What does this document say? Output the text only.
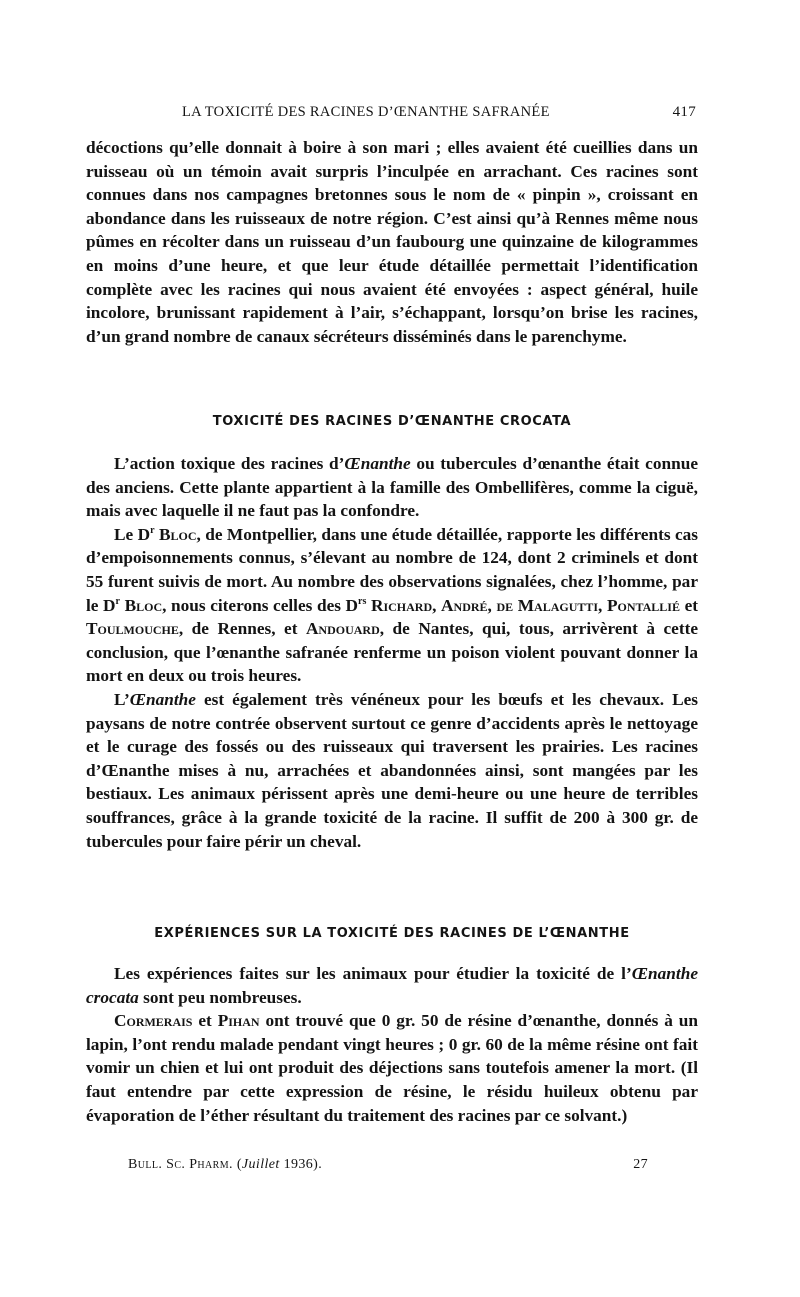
LA TOXICITÉ DES RACINES D’ŒNANTHE SAFRANÉE	417

décoctions qu’elle donnait à boire à son mari ; elles avaient été cueillies dans un ruisseau où un témoin avait surpris l’inculpée en arrachant. Ces racines sont connues dans nos campagnes bretonnes sous le nom de « pinpin », croissant en abondance dans les ruisseaux de notre région. C’est ainsi qu’à Rennes même nous pûmes en récolter dans un ruisseau d’un faubourg une quinzaine de kilogrammes en moins d’une heure, et que leur étude détaillée permettait l’identification complète avec les racines qui nous avaient été envoyées : aspect général, huile incolore, brunissant rapidement à l’air, s’échappant, lorsqu’on brise les racines, d’un grand nombre de canaux sécréteurs disséminés dans le parenchyme.

TOXICITÉ DES RACINES D’ŒNANTHE CROCATA

L’action toxique des racines d’Œnanthe ou tubercules d’œnanthe était connue des anciens. Cette plante appartient à la famille des Ombellifères, comme la ciguë, mais avec laquelle il ne faut pas la confondre.

Le $D^r$ Bloc, de Montpellier, dans une étude détaillée, rapporte les différents cas d’empoisonnements connus, s’élevant au nombre de 124, dont 2 criminels et dont 55 furent suivis de mort. Au nombre des observations signalées, chez l’homme, par le $D^r$ Bloc, nous citerons celles des $D^{rs}$ Richard, André, de Malagutti, Pontallié et Toulmouche, de Rennes, et Andouard, de Nantes, qui, tous, arrivèrent à cette conclusion, que l’œnanthe safranée renferme un poison violent pouvant donner la mort en deux ou trois heures.

L’Œnanthe est également très vénéneux pour les bœufs et les chevaux. Les paysans de notre contrée observent surtout ce genre d’accidents après le nettoyage et le curage des fossés ou des ruisseaux qui traversent les prairies. Les racines d’Œnanthe mises à nu, arrachées et abandonnées ainsi, sont mangées par les bestiaux. Les animaux périssent après une demi-heure ou une heure de terribles souffrances, grâce à la grande toxicité de la racine. Il suffit de 200 à 300 gr. de tubercules pour faire périr un cheval.

EXPÉRIENCES SUR LA TOXICITÉ DES RACINES DE L’ŒNANTHE

Les expériences faites sur les animaux pour étudier la toxicité de l’Œnanthe crocata sont peu nombreuses.

Cormerais et Pihan ont trouvé que 0 gr. 50 de résine d’œnanthe, donnés à un lapin, l’ont rendu malade pendant vingt heures ; 0 gr. 60 de la même résine ont fait vomir un chien et lui ont produit des déjections sans toutefois amener la mort. (Il faut entendre par cette expression de résine, le résidu huileux obtenu par évaporation de l’éther résultant du traitement des racines par ce solvant.)

Bull. Sc. Pharm. (Juillet 1936).	27
